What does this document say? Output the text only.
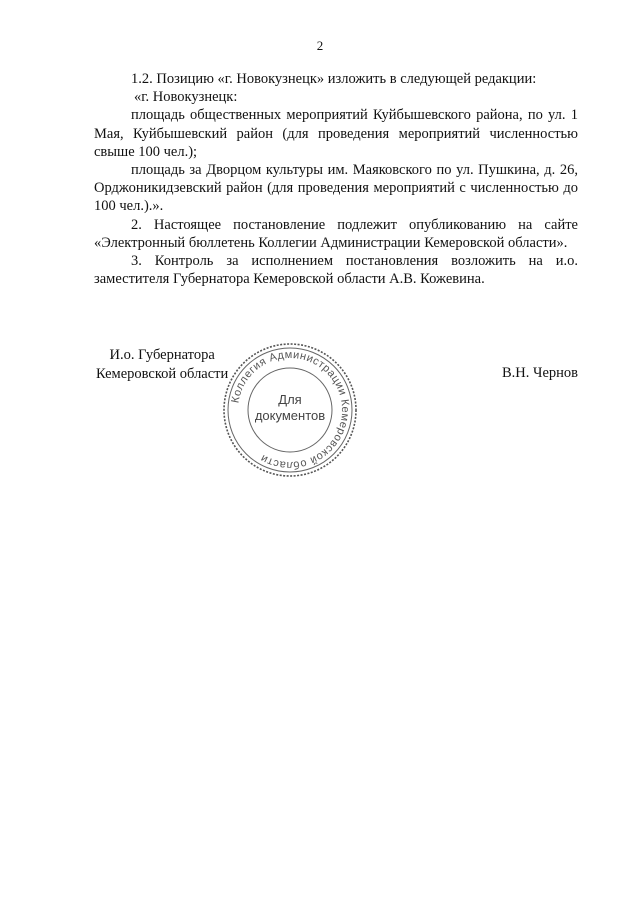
2

1.2. Позицию «г. Новокузнецк» изложить в следующей редакции:

«г. Новокузнецк:

площадь общественных мероприятий Куйбышевского района, по ул. 1 Мая, Куйбышевский район (для проведения мероприятий численностью свыше 100 чел.);

площадь за Дворцом культуры им. Маяковского по ул. Пушкина, д. 26, Орджоникидзевский район (для проведения мероприятий с численностью до 100 чел.).».

2. Настоящее постановление подлежит опубликованию на сайте «Электронный бюллетень Коллегии Администрации Кемеровской области».

3. Контроль за исполнением постановления возложить на и.о. заместителя Губернатора Кемеровской области А.В. Кожевина.

И.о. Губернатора
Кемеровской области	В.Н. Чернов
Коллегия Администрации Кемеровской области
Для
документов
